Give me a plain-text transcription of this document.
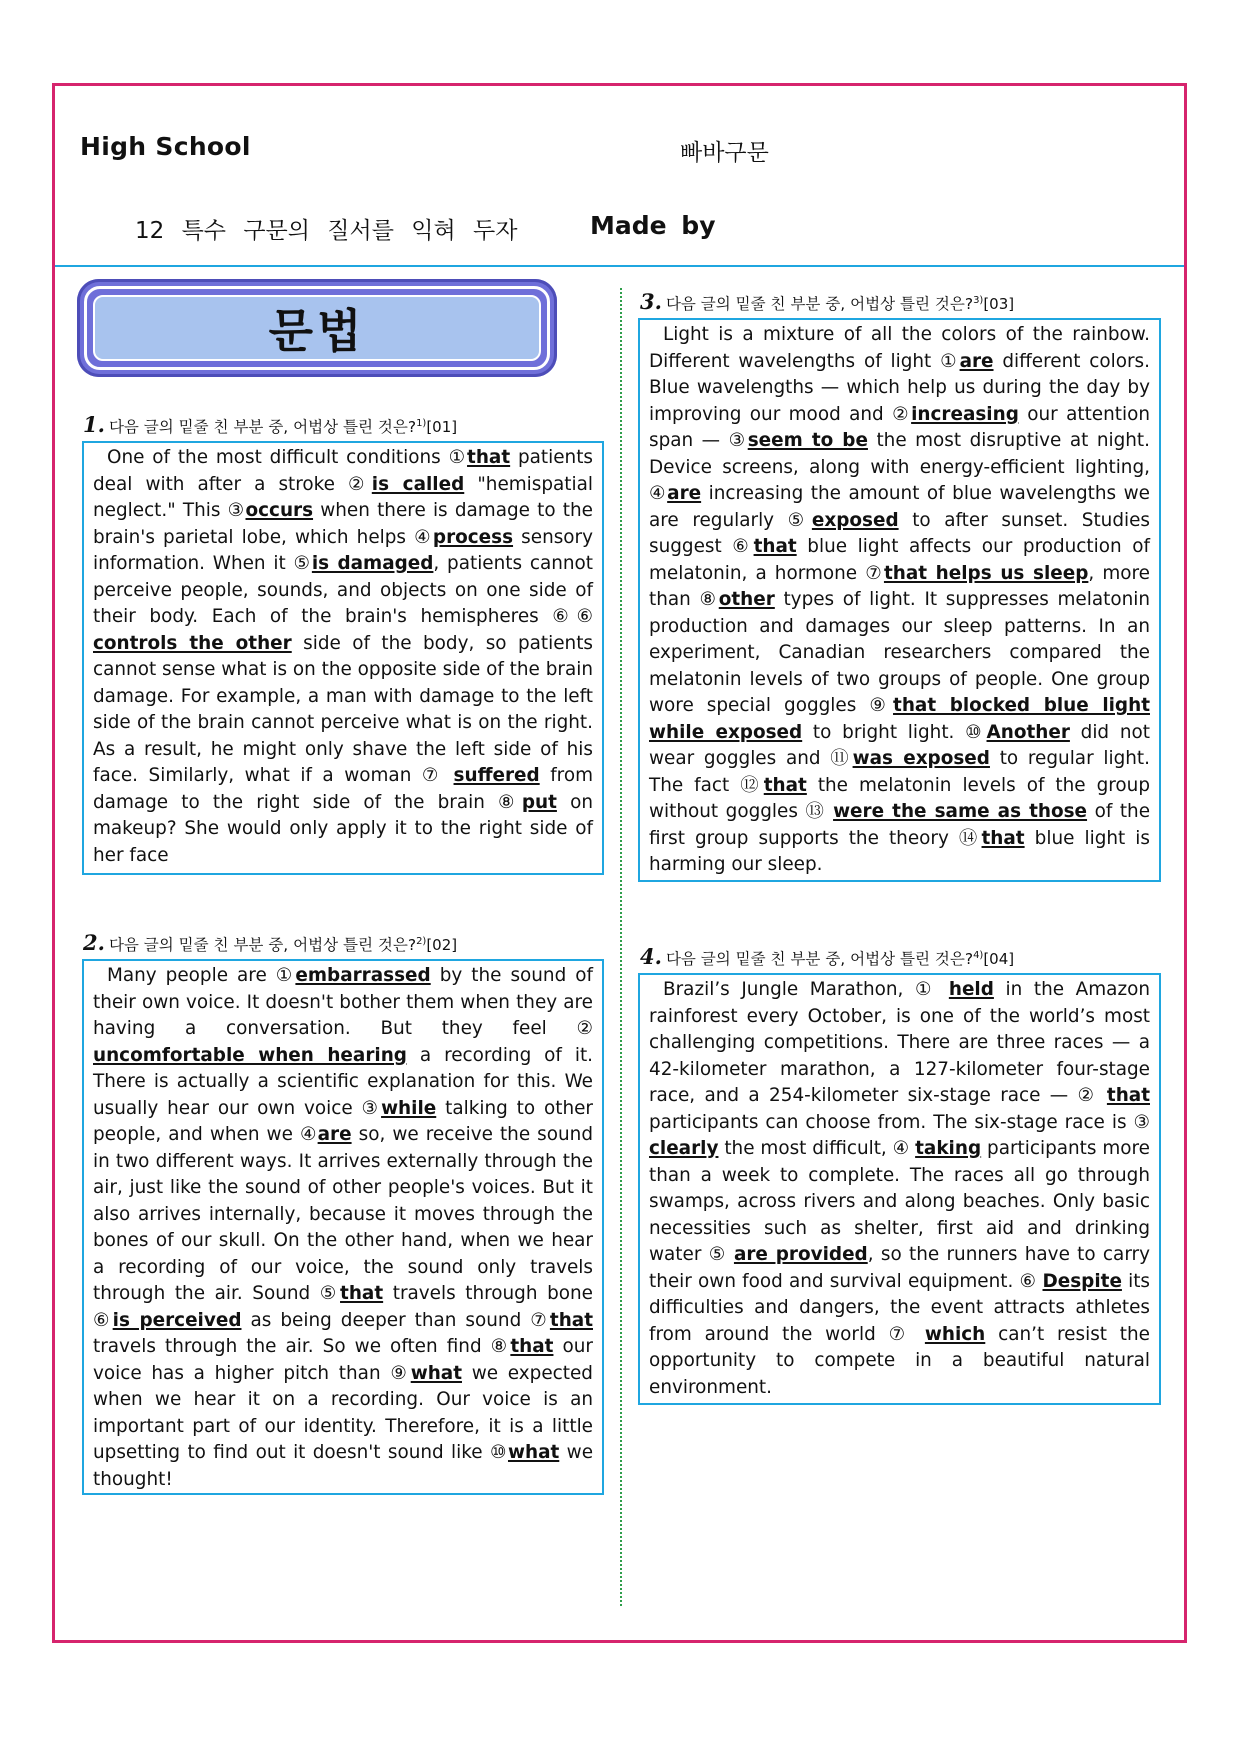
High School	빠바구문
12 특수 구문의 질서를 익혀 두자	Made by
문법
1. 다음 글의 밑줄 친 부분 중, 어법상 틀린 것은?$^{1)}$[01]

One of the most difficult conditions ①that patients deal with after a stroke ②is called "hemispatial neglect." This ③occurs when there is damage to the brain's parietal lobe, which helps ④process sensory information. When it ⑤is damaged, patients cannot perceive people, sounds, and objects on one side of their body. Each of the brain's hemispheres ⑥⑥ controls the other side of the body, so patients cannot sense what is on the opposite side of the brain damage. For example, a man with damage to the left side of the brain cannot perceive what is on the right. As a result, he might only shave the left side of his face. Similarly, what if a woman ⑦ suffered from damage to the right side of the brain ⑧put on makeup? She would only apply it to the right side of her face

2. 다음 글의 밑줄 친 부분 중, 어법상 틀린 것은?$^{2)}$[02]

Many people are ①embarrassed by the sound of their own voice. It doesn't bother them when they are having a conversation. But they feel ② uncomfortable when hearing a recording of it. There is actually a scientific explanation for this. We usually hear our own voice ③while talking to other people, and when we ④are so, we receive the sound in two different ways. It arrives externally through the air, just like the sound of other people's voices. But it also arrives internally, because it moves through the bones of our skull. On the other hand, when we hear a recording of our voice, the sound only travels through the air. Sound ⑤that travels through bone ⑥is perceived as being deeper than sound ⑦that travels through the air. So we often find ⑧that our voice has a higher pitch than ⑨what we expected when we hear it on a recording. Our voice is an important part of our identity. Therefore, it is a little upsetting to find out it doesn't sound like ⑩what we thought!

3. 다음 글의 밑줄 친 부분 중, 어법상 틀린 것은?$^{3)}$[03]

Light is a mixture of all the colors of the rainbow. Different wavelengths of light ①are different colors. Blue wavelengths — which help us during the day by improving our mood and ②increasing our attention span — ③seem to be the most disruptive at night. Device screens, along with energy-efficient lighting, ④are increasing the amount of blue wavelengths we are regularly ⑤exposed to after sunset. Studies suggest ⑥that blue light affects our production of melatonin, a hormone ⑦that helps us sleep, more than ⑧other types of light. It suppresses melatonin production and damages our sleep patterns. In an experiment, Canadian researchers compared the melatonin levels of two groups of people. One group wore special goggles ⑨that blocked blue light while exposed to bright light. ⑩Another did not wear goggles and ⑪was exposed to regular light. The fact ⑫that the melatonin levels of the group without goggles ⑬ were the same as those of the first group supports the theory ⑭that blue light is harming our sleep.

4. 다음 글의 밑줄 친 부분 중, 어법상 틀린 것은?$^{4)}$[04]

Brazil’s Jungle Marathon, ① held in the Amazon rainforest every October, is one of the world’s most challenging competitions. There are three races — a 42-kilometer marathon, a 127-kilometer four-stage race, and a 254-kilometer six-stage race — ② that participants can choose from. The six-stage race is ③ clearly the most difficult, ④ taking participants more than a week to complete. The races all go through swamps, across rivers and along beaches. Only basic necessities such as shelter, first aid and drinking water ⑤ are provided, so the runners have to carry their own food and survival equipment. ⑥ Despite its difficulties and dangers, the event attracts athletes from around the world ⑦ which can’t resist the opportunity to compete in a beautiful natural environment.
